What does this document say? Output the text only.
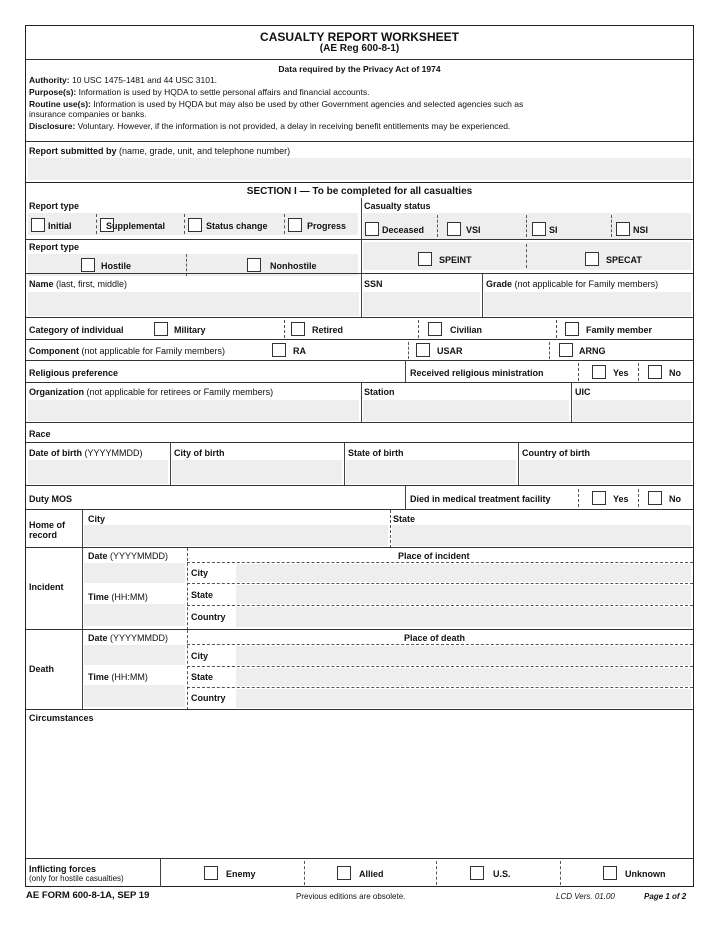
CASUALTY REPORT WORKSHEET
(AE Reg 600-8-1)
Data required by the Privacy Act of 1974
Authority: 10 USC 1475-1481 and 44 USC 3101.
Purpose(s): Information is used by HQDA to settle personal affairs and financial accounts.
Routine use(s): Information is used by HQDA but may also be used by other Government agencies and selected agencies such as
insurance companies or banks.
Disclosure: Voluntary. However, if the information is not provided, a delay in receiving benefit entitlements may be experienced.
Report submitted by (name, grade, unit, and telephone number)
SECTION I — To be completed for all casualties
Report type
Initial	Supplemental	Status change	Progress
Casualty status
Deceased	VSI	SI	NSI
Report type
Hostile	Nonhostile
SPEINT	SPECAT
Name (last, first, middle)	SSN	Grade (not applicable for Family members)
Category of individual	Military	Retired	Civilian	Family member
Component (not applicable for Family members)	RA	USAR	ARNG
Religious preference	Received religious ministration	Yes	No
Organization (not applicable for retirees or Family members)	Station	UIC
Race
Date of birth (YYYYMMDD)	City of birth	State of birth	Country of birth
Duty MOS	Died in medical treatment facility	Yes	No
Home of
record
City	State
Incident
Date (YYYYMMDD)
Time (HH:MM)
Place of incident
City
State
Country
Death
Date (YYYYMMDD)
Time (HH:MM)
Place of death
City
State
Country
Circumstances
Inflicting forces
(only for hostile casualties)	Enemy	Allied	U.S.	Unknown
AE FORM 600-8-1A, SEP 19	Previous editions are obsolete.	LCD Vers. 01.00	Page 1 of 2
